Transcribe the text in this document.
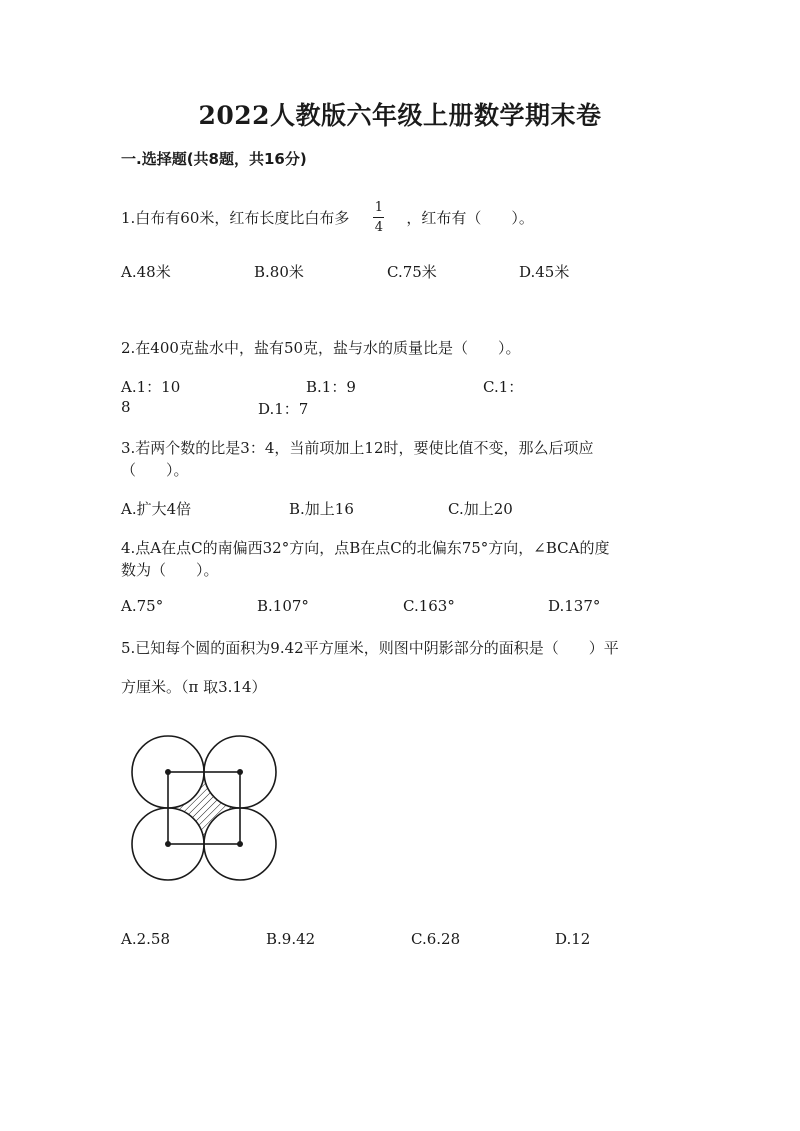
2022人教版六年级上册数学期末卷
一.选择题(共8题，共16分)
1.白布有60米，红布长度比白布多 $\frac{1}{4}$ ，红布有（　　）。
A.48米	B.80米	C.75米	D.45米
2.在400克盐水中，盐有50克，盐与水的质量比是（　　）。
A.1：10	B.1：9	C.1：
8	D.1：7
3.若两个数的比是3：4，当前项加上12时，要使比值不变，那么后项应
（　　）。
A.扩大4倍	B.加上16	C.加上20
4.点A在点C的南偏西32°方向，点B在点C的北偏东75°方向，∠BCA的度
数为（　　）。
A.75°	B.107°	C.163°	D.137°
5.已知每个圆的面积为9.42平方厘米，则图中阴影部分的面积是（　　）平
方厘米。（π 取3.14）
A.2.58	B.9.42	C.6.28	D.12
